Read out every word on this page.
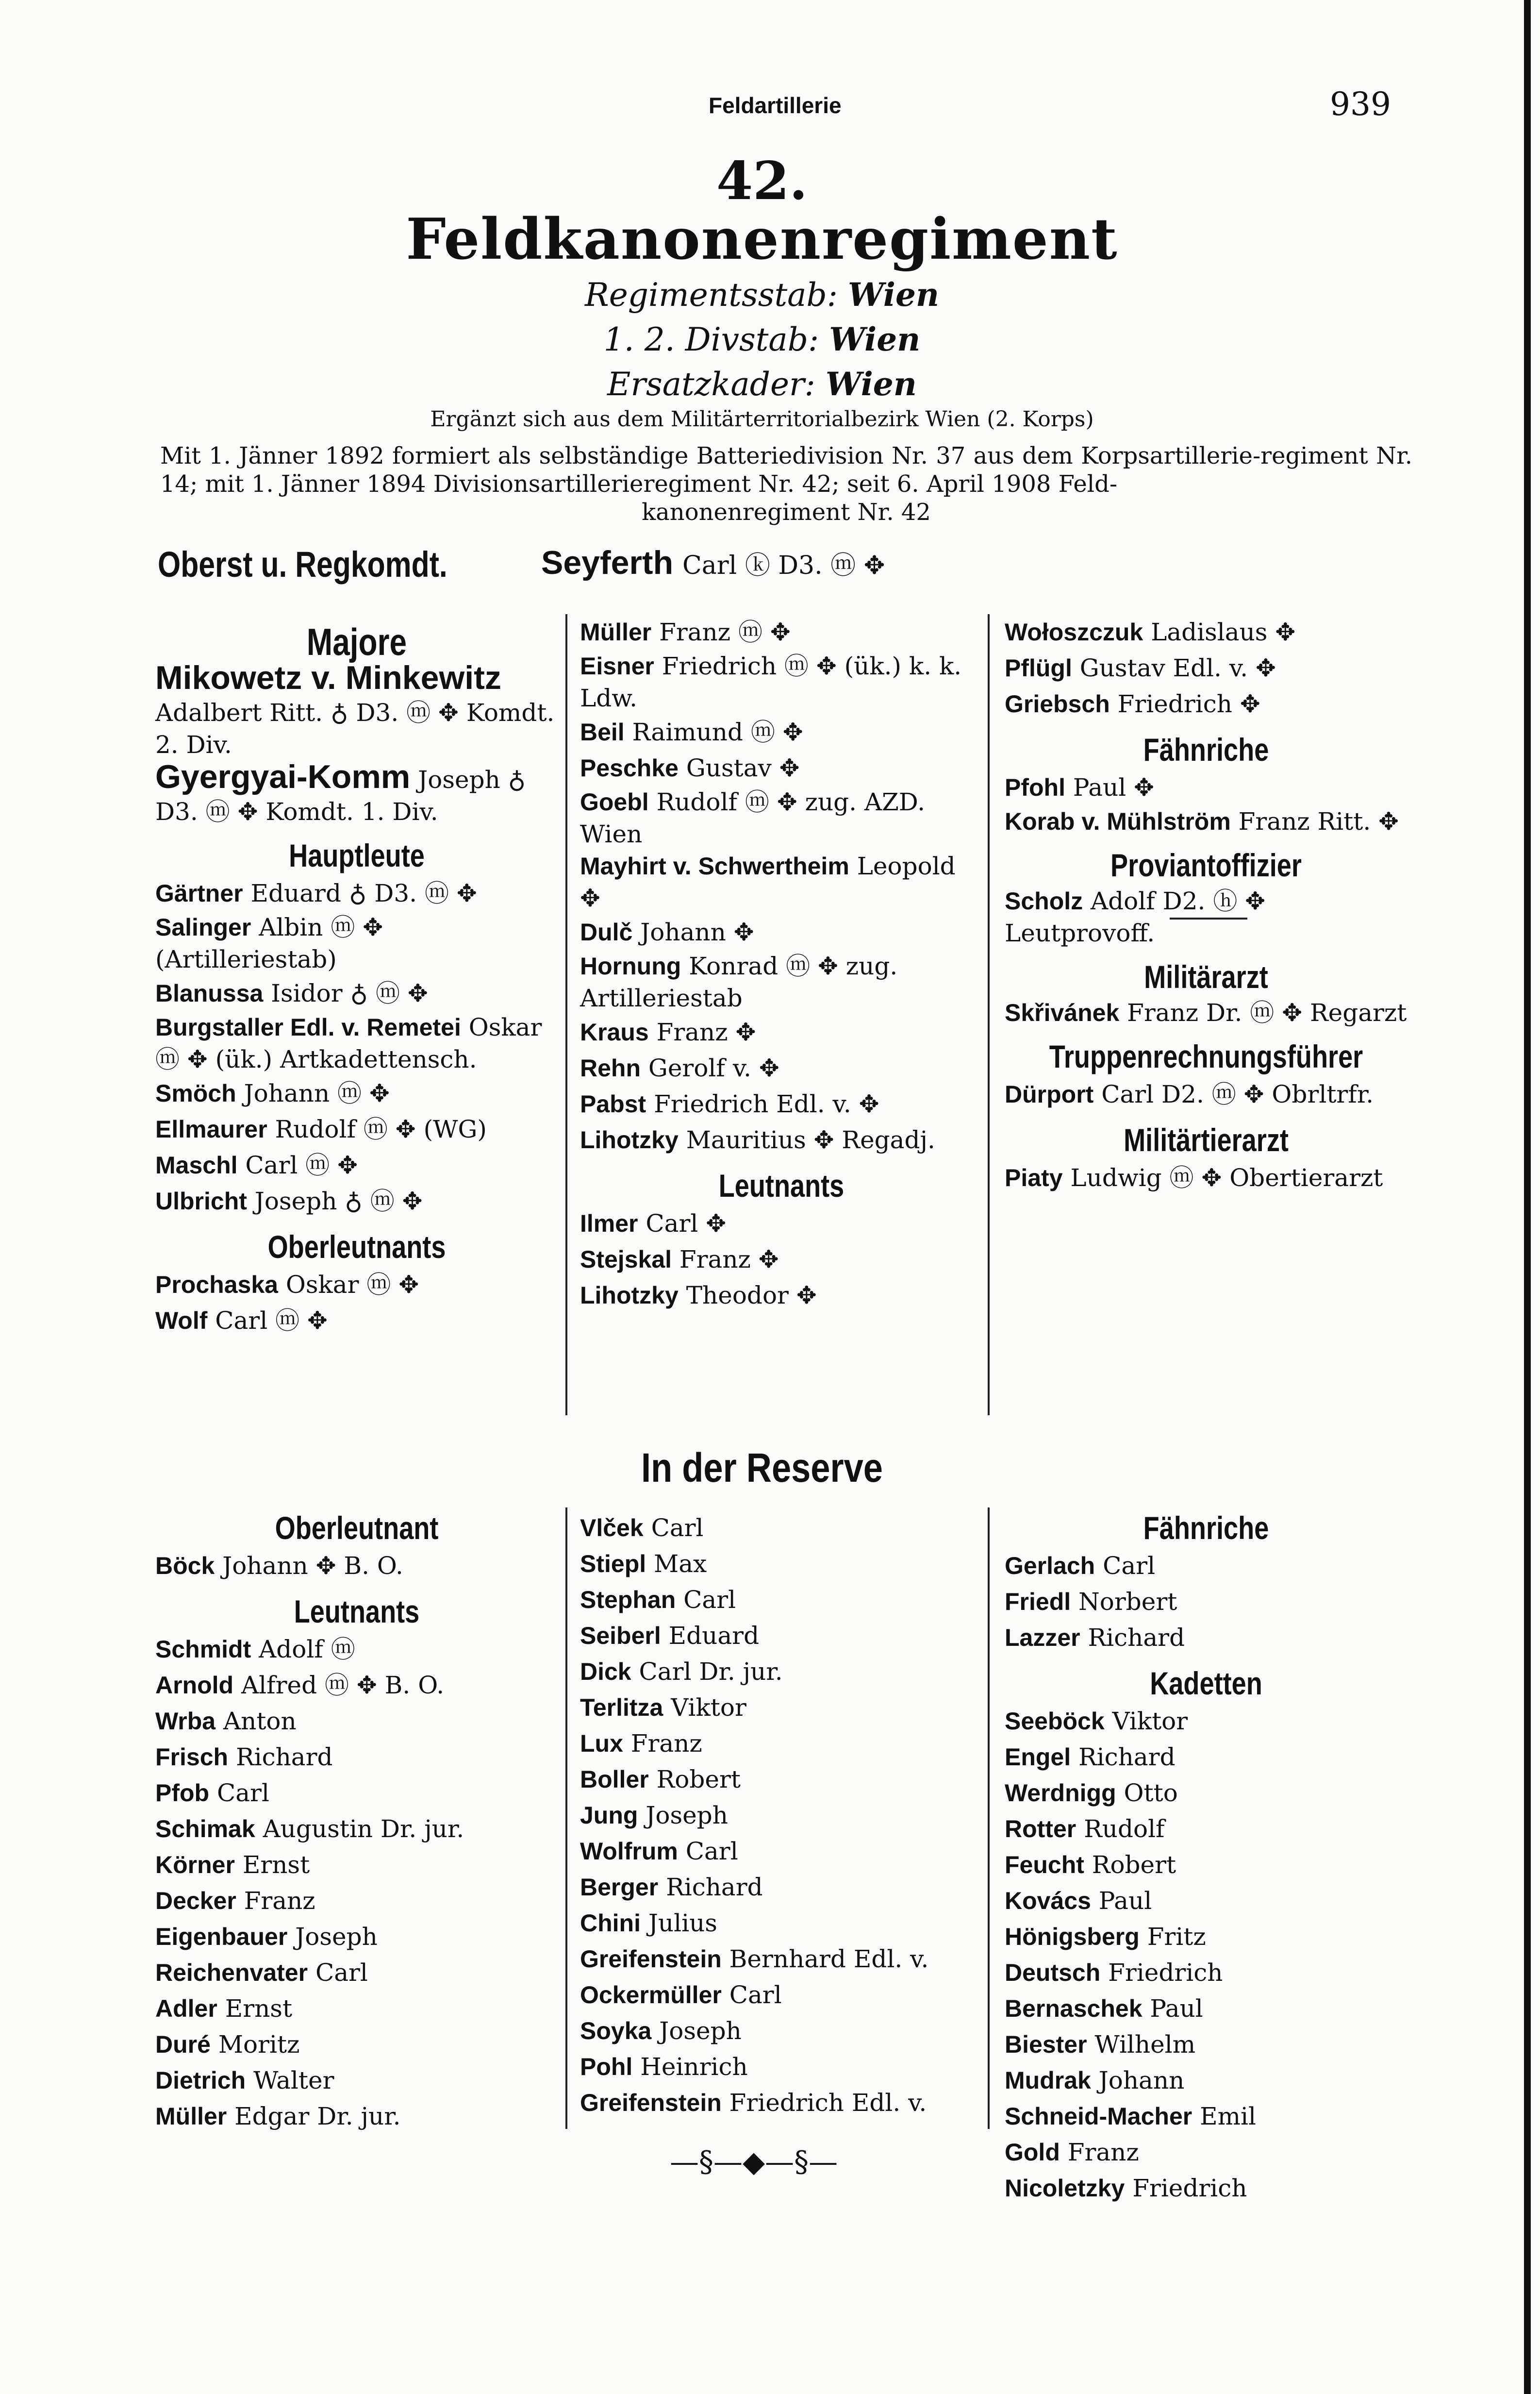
Feldartillerie	939
42.
Feldkanonenregiment
Regimentsstab: Wien
1. 2. Divstab: Wien
Ersatzkader: Wien
Ergänzt sich aus dem Militärterritorialbezirk Wien (2. Korps)
Mit 1. Jänner 1892 formiert als selbständige Batteriedivision Nr. 37 aus dem Korpsartillerie-regiment Nr. 14; mit 1. Jänner 1894 Divisionsartillerieregiment Nr. 42; seit 6. April 1908 Feld-
kanonenregiment Nr. 42
Oberst u. Regkomdt.	Seyferth Carl ⓚ D3. ⓜ ✥
Majore
Mikowetz v. Minkewitz Adalbert Ritt. ♁ D3. ⓜ ✥ Komdt. 2. Div.
Gyergyai-Komm Joseph ♁ D3. ⓜ ✥ Komdt. 1. Div.
Hauptleute
Gärtner Eduard ♁ D3. ⓜ ✥
Salinger Albin ⓜ ✥ (Artilleriestab)
Blanussa Isidor ♁ ⓜ ✥
Burgstaller Edl. v. Remetei Oskar ⓜ ✥ (ük.) Artkadettensch.
Smöch Johann ⓜ ✥
Ellmaurer Rudolf ⓜ ✥ (WG)
Maschl Carl ⓜ ✥
Ulbricht Joseph ♁ ⓜ ✥
Oberleutnants
Prochaska Oskar ⓜ ✥
Wolf Carl ⓜ ✥
Müller Franz ⓜ ✥
Eisner Friedrich ⓜ ✥ (ük.) k. k. Ldw.
Beil Raimund ⓜ ✥
Peschke Gustav ✥
Goebl Rudolf ⓜ ✥ zug. AZD. Wien
Mayhirt v. Schwertheim Leopold ✥
Dulč Johann ✥
Hornung Konrad ⓜ ✥ zug. Artilleriestab
Kraus Franz ✥
Rehn Gerolf v. ✥
Pabst Friedrich Edl. v. ✥
Lihotzky Mauritius ✥ Regadj.
Leutnants
Ilmer Carl ✥
Stejskal Franz ✥
Lihotzky Theodor ✥
Wołoszczuk Ladislaus ✥
Pflügl Gustav Edl. v. ✥
Griebsch Friedrich ✥
Fähnriche
Pfohl Paul ✥
Korab v. Mühlström Franz Ritt. ✥
Proviantoffizier
Scholz Adolf D2. ⓗ ✥ Leutprovoff.
Militärarzt
Skřivánek Franz Dr. ⓜ ✥ Regarzt
Truppenrechnungsführer
Dürport Carl D2. ⓜ ✥ Obrltrfr.
Militärtierarzt
Piaty Ludwig ⓜ ✥ Obertierarzt
In der Reserve
Oberleutnant
Böck Johann ✥ B. O.
Leutnants
Schmidt Adolf ⓜ
Arnold Alfred ⓜ ✥ B. O.
Wrba Anton
Frisch Richard
Pfob Carl
Schimak Augustin Dr. jur.
Körner Ernst
Decker Franz
Eigenbauer Joseph
Reichenvater Carl
Adler Ernst
Duré Moritz
Dietrich Walter
Müller Edgar Dr. jur.
Vlček Carl
Stiepl Max
Stephan Carl
Seiberl Eduard
Dick Carl Dr. jur.
Terlitza Viktor
Lux Franz
Boller Robert
Jung Joseph
Wolfrum Carl
Berger Richard
Chini Julius
Greifenstein Bernhard Edl. v.
Ockermüller Carl
Soyka Joseph
Pohl Heinrich
Greifenstein Friedrich Edl. v.
Fähnriche
Gerlach Carl
Friedl Norbert
Lazzer Richard
Kadetten
Seeböck Viktor
Engel Richard
Werdnigg Otto
Rotter Rudolf
Feucht Robert
Kovács Paul
Hönigsberg Fritz
Deutsch Friedrich
Bernaschek Paul
Biester Wilhelm
Mudrak Johann
Schneid-Macher Emil
Gold Franz
Nicoletzky Friedrich
—§—◆—§—
